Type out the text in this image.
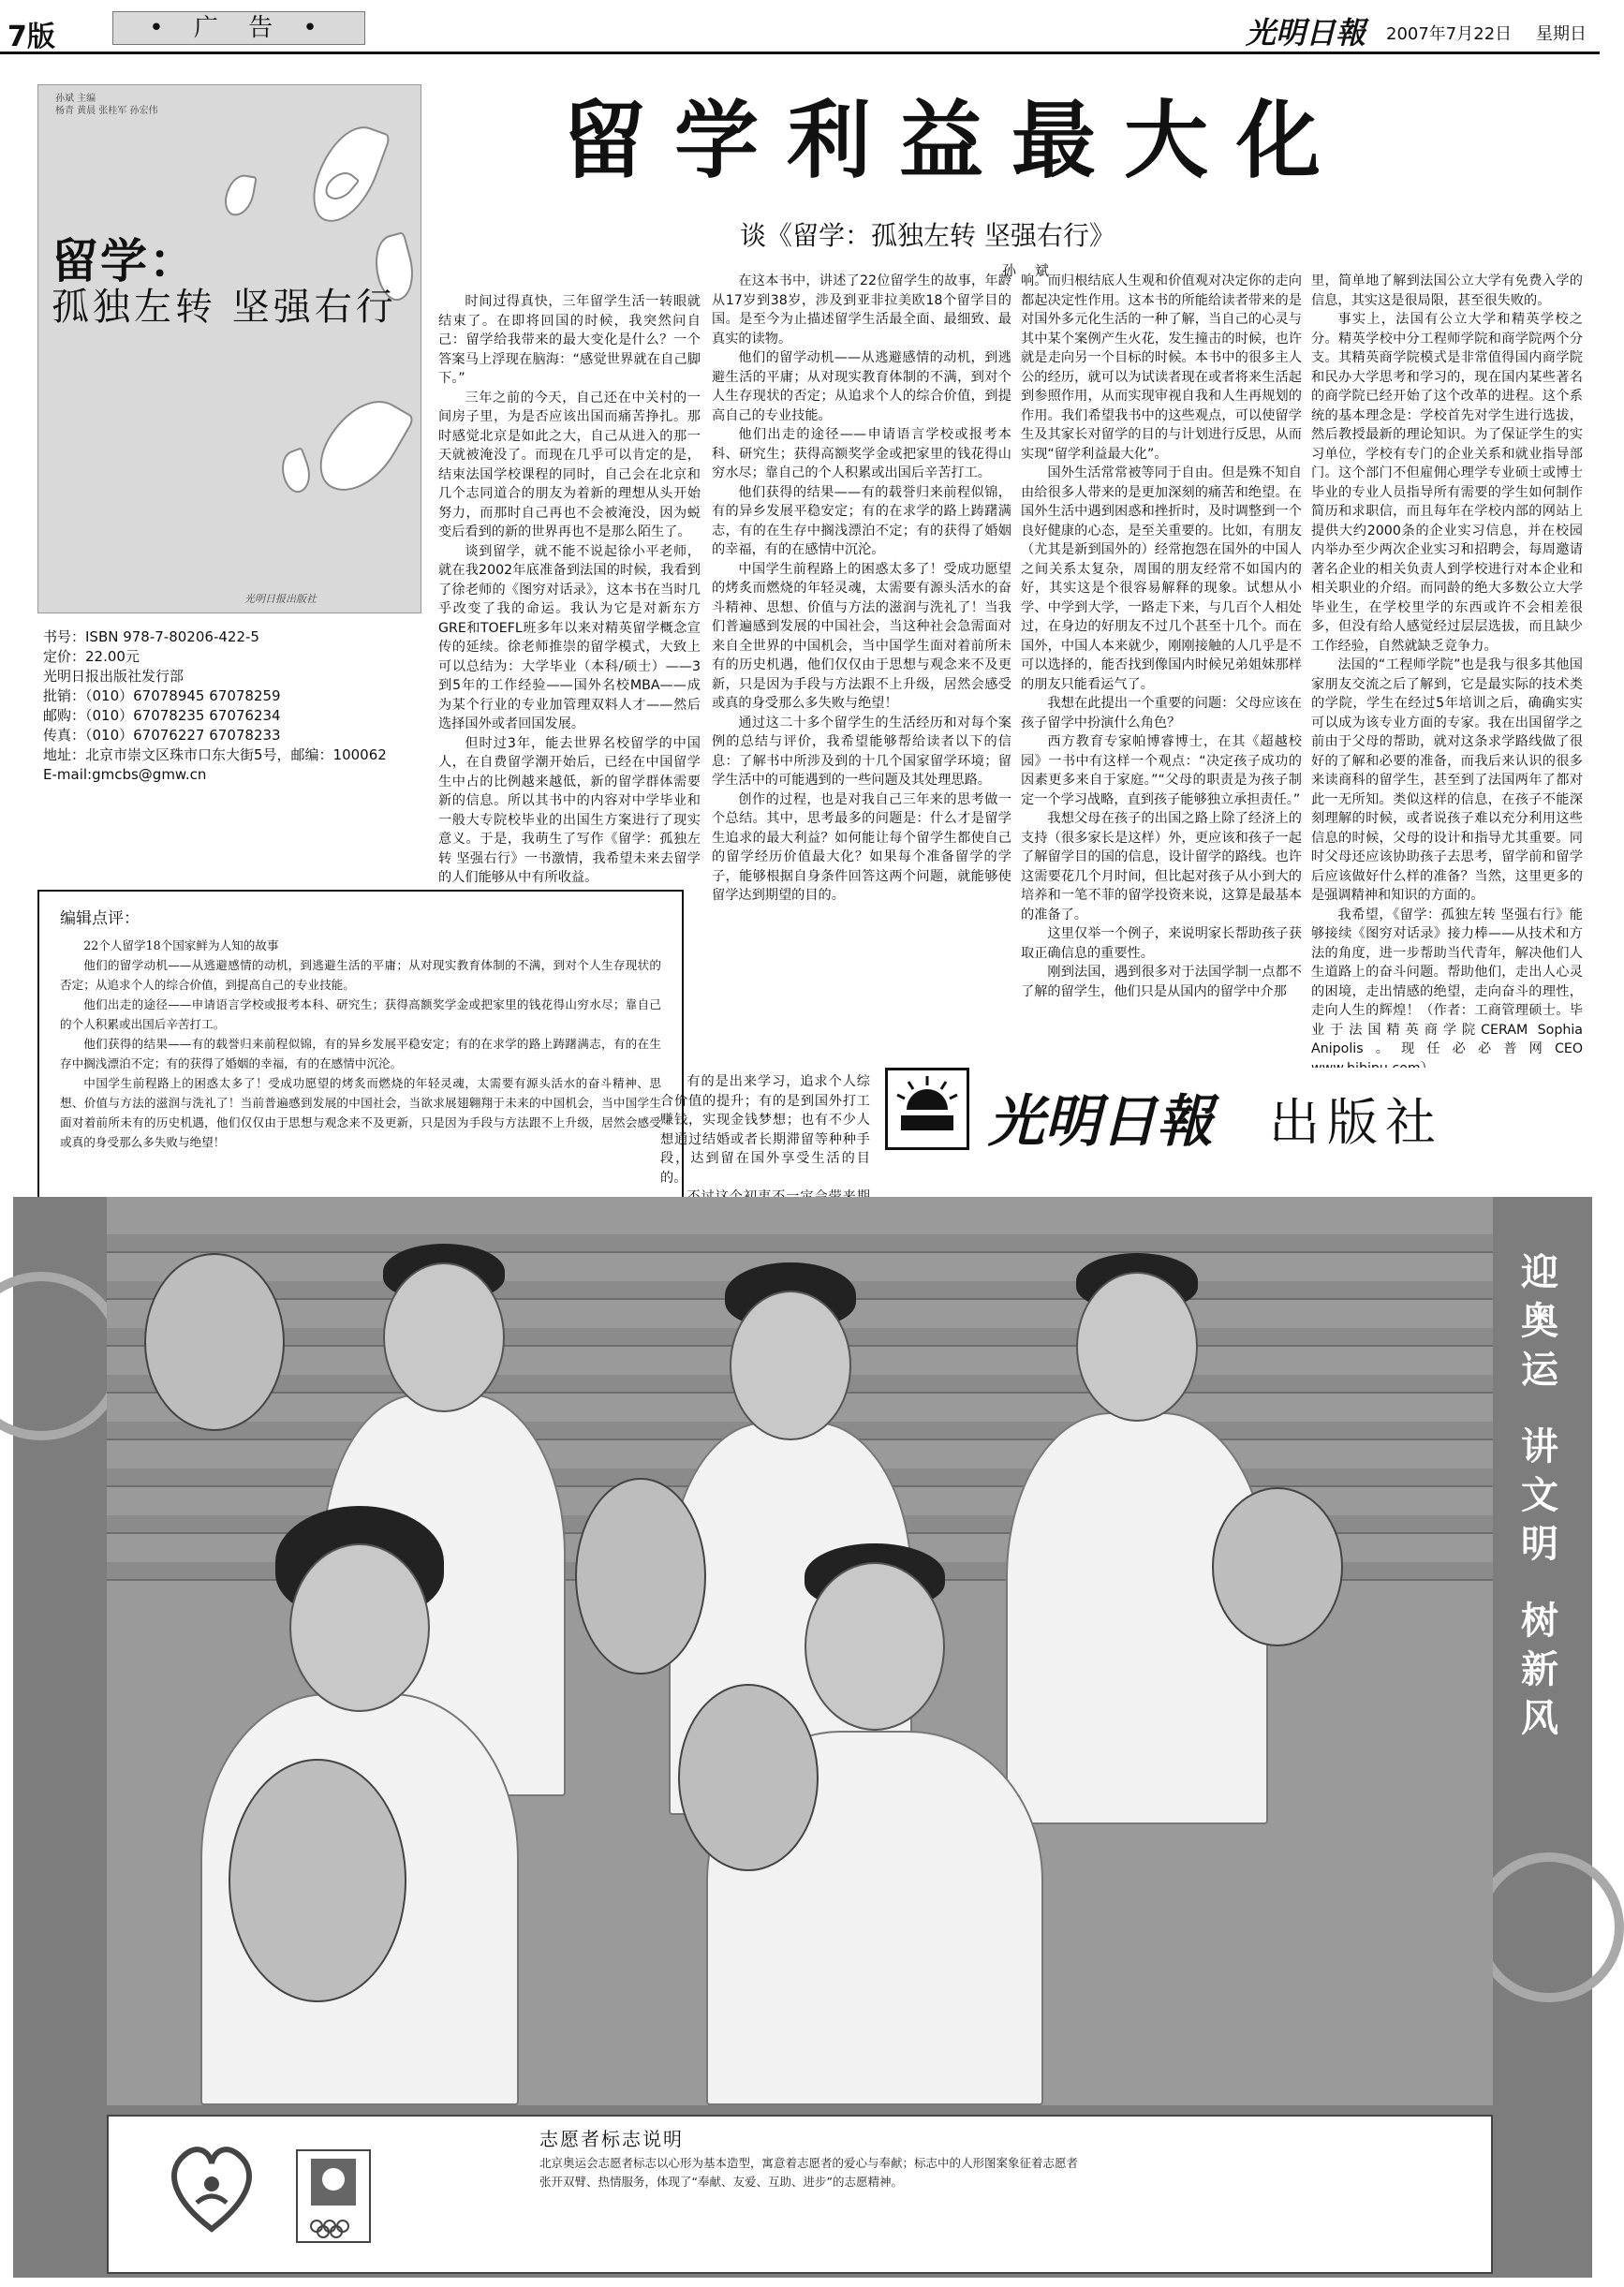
7版	• 广 告 •	光明日報 2007年7月22日 星期日
孙斌 主编
杨青 黄晨 张桂军 孙宏伟
留学：
孤独左转 坚强右行
光明日报出版社
书号：ISBN 978-7-80206-422-5
定价：22.00元
光明日报出版社发行部
批销：（010）67078945 67078259
邮购：（010）67078235 67076234
传真：（010）67076227 67078233
地址：北京市崇文区珠市口东大街5号，邮编：100062
E-mail:gmcbs@gmw.cn
留学利益最大化
谈《留学：孤独左转 坚强右行》
孙斌

时间过得真快，三年留学生活一转眼就结束了。在即将回国的时候，我突然问自己：留学给我带来的最大变化是什么？一个答案马上浮现在脑海：“感觉世界就在自己脚下。”

三年之前的今天，自己还在中关村的一间房子里，为是否应该出国而痛苦挣扎。那时感觉北京是如此之大，自己从进入的那一天就被淹没了。而现在几乎可以肯定的是，结束法国学校课程的同时，自己会在北京和几个志同道合的朋友为着新的理想从头开始努力，而那时自己再也不会被淹没，因为蜕变后看到的新的世界再也不是那么陌生了。

谈到留学，就不能不说起徐小平老师，就在我2002年底准备到法国的时候，我看到了徐老师的《图穷对话录》，这本书在当时几乎改变了我的命运。我认为它是对新东方GRE和TOEFL班多年以来对精英留学概念宣传的延续。徐老师推崇的留学模式，大致上可以总结为：大学毕业（本科/硕士）——3到5年的工作经验——国外名校MBA——成为某个行业的专业加管理双料人才——然后选择国外或者回国发展。

但时过3年，能去世界名校留学的中国人，在自费留学潮开始后，已经在中国留学生中占的比例越来越低，新的留学群体需要新的信息。所以其书中的内容对中学毕业和一般大专院校毕业的出国生方案进行了现实意义。于是，我萌生了写作《留学：孤独左转 坚强右行》一书激情，我希望未来去留学的人们能够从中有所收益。

在这本书中，讲述了22位留学生的故事，年龄从17岁到38岁，涉及到亚非拉美欧18个留学目的国。是至今为止描述留学生活最全面、最细致、最真实的读物。

他们的留学动机——从逃避感情的动机，到逃避生活的平庸；从对现实教育体制的不满，到对个人生存现状的否定；从追求个人的综合价值，到提高自己的专业技能。

他们出走的途径——申请语言学校或报考本科、研究生；获得高额奖学金或把家里的钱花得山穷水尽；靠自己的个人积累或出国后辛苦打工。

他们获得的结果——有的载誉归来前程似锦，有的异乡发展平稳安定；有的在求学的路上踌躇满志，有的在生存中搁浅漂泊不定；有的获得了婚姻的幸福，有的在感情中沉沦。

中国学生前程路上的困惑太多了！受成功愿望的烤炙而燃烧的年轻灵魂，太需要有源头活水的奋斗精神、思想、价值与方法的滋润与洗礼了！当我们普遍感到发展的中国社会，当这种社会急需面对来自全世界的中国机会，当中国学生面对着前所未有的历史机遇，他们仅仅由于思想与观念来不及更新，只是因为手段与方法跟不上升级，居然会感受或真的身受那么多失败与绝望！

通过这二十多个留学生的生活经历和对每个案例的总结与评价，我希望能够帮给读者以下的信息：了解书中所涉及到的十几个国家留学环境；留学生活中的可能遇到的一些问题及其处理思路。

创作的过程，也是对我自己三年来的思考做一个总结。其中，思考最多的问题是：什么才是留学生追求的最大利益？如何能让每个留学生都使自己的留学经历价值最大化？如果每个准备留学的学子，能够根据自身条件回答这两个问题，就能够使留学达到期望的目的。

有的是出来学习，追求个人综合价值的提升；有的是到国外打工赚钱，实现金钱梦想；也有不少人想通过结婚或者长期滞留等种种手段，达到留在国外享受生活的目的。

响。而归根结底人生观和价值观对决定你的走向都起决定性作用。这本书的所能给读者带来的是对国外多元化生活的一种了解，当自己的心灵与其中某个案例产生火花，发生撞击的时候，也许就是走向另一个目标的时候。本书中的很多主人公的经历，就可以为试读者现在或者将来生活起到参照作用，从而实现审视自我和人生再规划的作用。我们希望我书中的这些观点，可以使留学生及其家长对留学的目的与计划进行反思，从而实现“留学利益最大化”。

国外生活常常被等同于自由。但是殊不知自由给很多人带来的是更加深刻的痛苦和绝望。在国外生活中遇到困惑和挫折时，及时调整到一个良好健康的心态，是至关重要的。比如，有朋友（尤其是新到国外的）经常抱怨在国外的中国人之间关系太复杂，周围的朋友经常不如国内的好，其实这是个很容易解释的现象。试想从小学、中学到大学，一路走下来，与几百个人相处过，在身边的好朋友不过几个甚至十几个。而在国外，中国人本来就少，刚刚接触的人几乎是不可以选择的，能否找到像国内时候兄弟姐妹那样的朋友只能看运气了。

我想在此提出一个重要的问题：父母应该在孩子留学中扮演什么角色？

西方教育专家帕博睿博士，在其《超越校园》一书中有这样一个观点：“决定孩子成功的因素更多来自于家庭。”“父母的职责是为孩子制定一个学习战略，直到孩子能够独立承担责任。”

我想父母在孩子的出国之路上除了经济上的支持（很多家长是这样）外，更应该和孩子一起了解留学目的国的信息，设计留学的路线。也许这需要花几个月时间，但比起对孩子从小到大的培养和一笔不菲的留学投资来说，这算是最基本的准备了。

这里仅举一个例子，来说明家长帮助孩子获取正确信息的重要性。

刚到法国，遇到很多对于法国学制一点都不了解的留学生，他们只是从国内的留学中介那

里，简单地了解到法国公立大学有免费入学的信息，其实这是很局限，甚至很失败的。

事实上，法国有公立大学和精英学校之分。精英学校中分工程师学院和商学院两个分支。其精英商学院模式是非常值得国内商学院和民办大学思考和学习的，现在国内某些著名的商学院已经开始了这个改革的进程。这个系统的基本理念是：学校首先对学生进行选拔，然后教授最新的理论知识。为了保证学生的实习单位，学校有专门的企业关系和就业指导部门。这个部门不但雇佣心理学专业硕士或博士毕业的专业人员指导所有需要的学生如何制作简历和求职信，而且每年在学校内部的网站上提供大约2000条的企业实习信息，并在校园内举办至少两次企业实习和招聘会，每周邀请著名企业的相关负责人到学校进行对本企业和相关职业的介绍。而同龄的绝大多数公立大学毕业生，在学校里学的东西或许不会相差很多，但没有给人感觉经过层层选拔，而且缺少工作经验，自然就缺乏竞争力。

法国的“工程师学院”也是我与很多其他国家朋友交流之后了解到，它是最实际的技术类的学院，学生在经过5年培训之后，确确实实可以成为该专业方面的专家。我在出国留学之前由于父母的帮助，就对这条求学路线做了很好的了解和必要的准备，而我后来认识的很多来读商科的留学生，甚至到了法国两年了都对此一无所知。类似这样的信息，在孩子不能深刻理解的时候，或者说孩子难以充分利用这些信息的时候，父母的设计和指导尤其重要。同时父母还应该协助孩子去思考，留学前和留学后应该做好什么样的准备？当然，这里更多的是强调精神和知识的方面的。

我希望，《留学：孤独左转 坚强右行》能够接续《图穷对话录》接力棒——从技术和方法的角度，进一步帮助当代青年，解决他们人生道路上的奋斗问题。帮助他们，走出人心灵的困境，走出情感的绝望，走向奋斗的理性，走向人生的辉煌！（作者：工商管理硕士。毕业于法国精英商学院CERAM Sophia Anipolis。现任必必普网CEO

编辑点评：

22个人留学18个国家鲜为人知的故事

他们的留学动机——从逃避感情的动机，到逃避生活的平庸；从对现实教育体制的不满，到对个人生存现状的否定；从追求个人的综合价值，到提高自己的专业技能。

他们出走的途径——申请语言学校或报考本科、研究生；获得高额奖学金或把家里的钱花得山穷水尽；靠自己的个人积累或出国后辛苦打工。

他们获得的结果——有的载誉归来前程似锦，有的异乡发展平稳安定；有的在求学的路上踌躇满志，有的在生存中搁浅漂泊不定；有的获得了婚姻的幸福，有的在感情中沉沦。

中国学生前程路上的困惑太多了！受成功愿望的烤炙而燃烧的年轻灵魂，太需要有源头活水的奋斗精神、思想、价值与方法的滋润与洗礼了！当前普遍感到发展的中国社会，当欲求展翅翱翔于未来的中国机会，当中国学生面对着前所未有的历史机遇，他们仅仅由于思想与观念来不及更新，只是因为手段与方法跟不上升级，居然会感受或真的身受那么多失败与绝望！	光明日報 出版社
迎奥运
讲文明
树新风
志愿者标志说明
北京奥运会志愿者标志以心形为基本造型，寓意着志愿者的爱心与奉献；标志中的人形图案象征着志愿者张开双臂、热情服务，体现了“奉献、友爱、互助、进步”的志愿精神。
